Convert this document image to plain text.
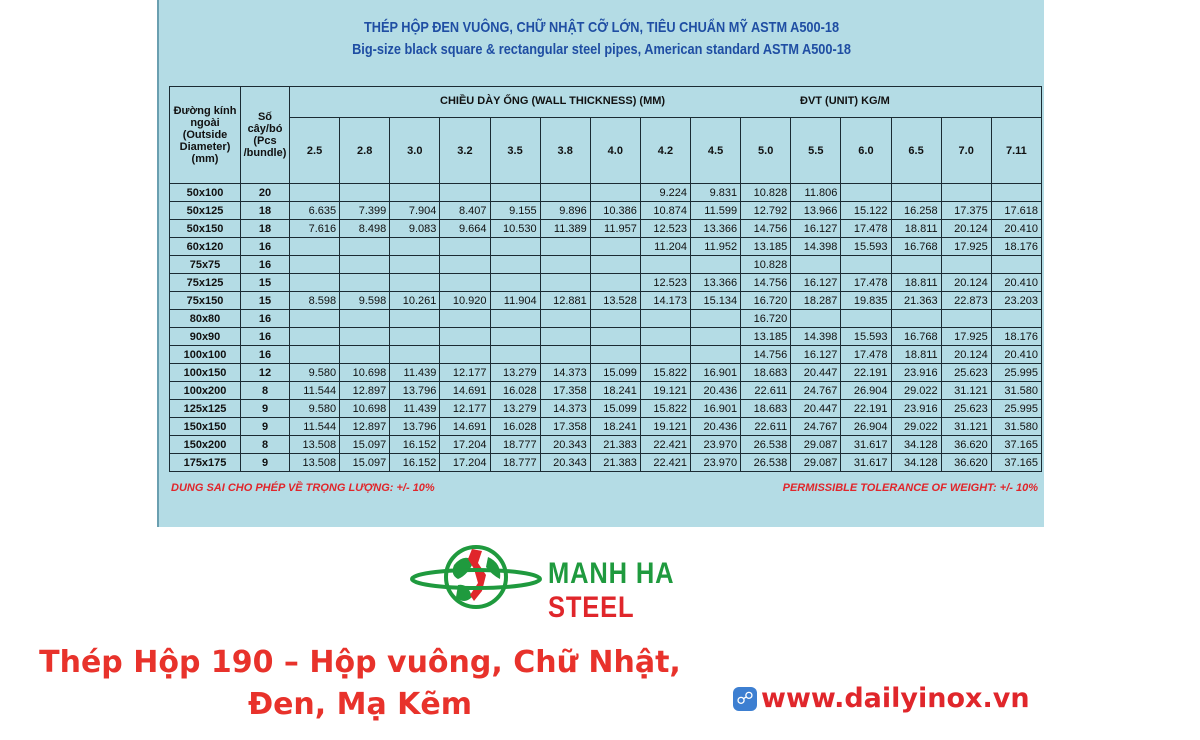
THÉP HỘP ĐEN VUÔNG, CHỮ NHẬT CỠ LỚN, TIÊU CHUẨN MỸ ASTM A500-18
Big-size black square & rectangular steel pipes, American standard ASTM A500-18
Đường kính ngoài (Outside Diameter) (mm)	Số cây/bó (Pcs /bundle)	CHIỀU DÀY ỐNG (WALL THICKNESS) (MM) ĐVT (UNIT) KG/M														

		2.5	2.8	3.0	3.2	3.5	3.8	4.0	4.2	4.5	5.0	5.5	6.0	6.5	7.0	7.11
50x100	20								9.224	9.831	10.828	11.806				
50x125	18	6.635	7.399	7.904	8.407	9.155	9.896	10.386	10.874	11.599	12.792	13.966	15.122	16.258	17.375	17.618
50x150	18	7.616	8.498	9.083	9.664	10.530	11.389	11.957	12.523	13.366	14.756	16.127	17.478	18.811	20.124	20.410
60x120	16								11.204	11.952	13.185	14.398	15.593	16.768	17.925	18.176
75x75	16										10.828					
75x125	15								12.523	13.366	14.756	16.127	17.478	18.811	20.124	20.410
75x150	15	8.598	9.598	10.261	10.920	11.904	12.881	13.528	14.173	15.134	16.720	18.287	19.835	21.363	22.873	23.203
80x80	16										16.720					
90x90	16										13.185	14.398	15.593	16.768	17.925	18.176
100x100	16										14.756	16.127	17.478	18.811	20.124	20.410
100x150	12	9.580	10.698	11.439	12.177	13.279	14.373	15.099	15.822	16.901	18.683	20.447	22.191	23.916	25.623	25.995
100x200	8	11.544	12.897	13.796	14.691	16.028	17.358	18.241	19.121	20.436	22.611	24.767	26.904	29.022	31.121	31.580
125x125	9	9.580	10.698	11.439	12.177	13.279	14.373	15.099	15.822	16.901	18.683	20.447	22.191	23.916	25.623	25.995
150x150	9	11.544	12.897	13.796	14.691	16.028	17.358	18.241	19.121	20.436	22.611	24.767	26.904	29.022	31.121	31.580
150x200	8	13.508	15.097	16.152	17.204	18.777	20.343	21.383	22.421	23.970	26.538	29.087	31.617	34.128	36.620	37.165
175x175	9	13.508	15.097	16.152	17.204	18.777	20.343	21.383	22.421	23.970	26.538	29.087	31.617	34.128	36.620	37.165
DUNG SAI CHO PHÉP VỀ TRỌNG LƯỢNG: +/- 10%	PERMISSIBLE TOLERANCE OF WEIGHT: +/- 10%
MANH HA STEEL
Thép Hộp 190 – Hộp vuông, Chữ Nhật,
Đen, Mạ Kẽm	☍ www.dailyinox.vn
